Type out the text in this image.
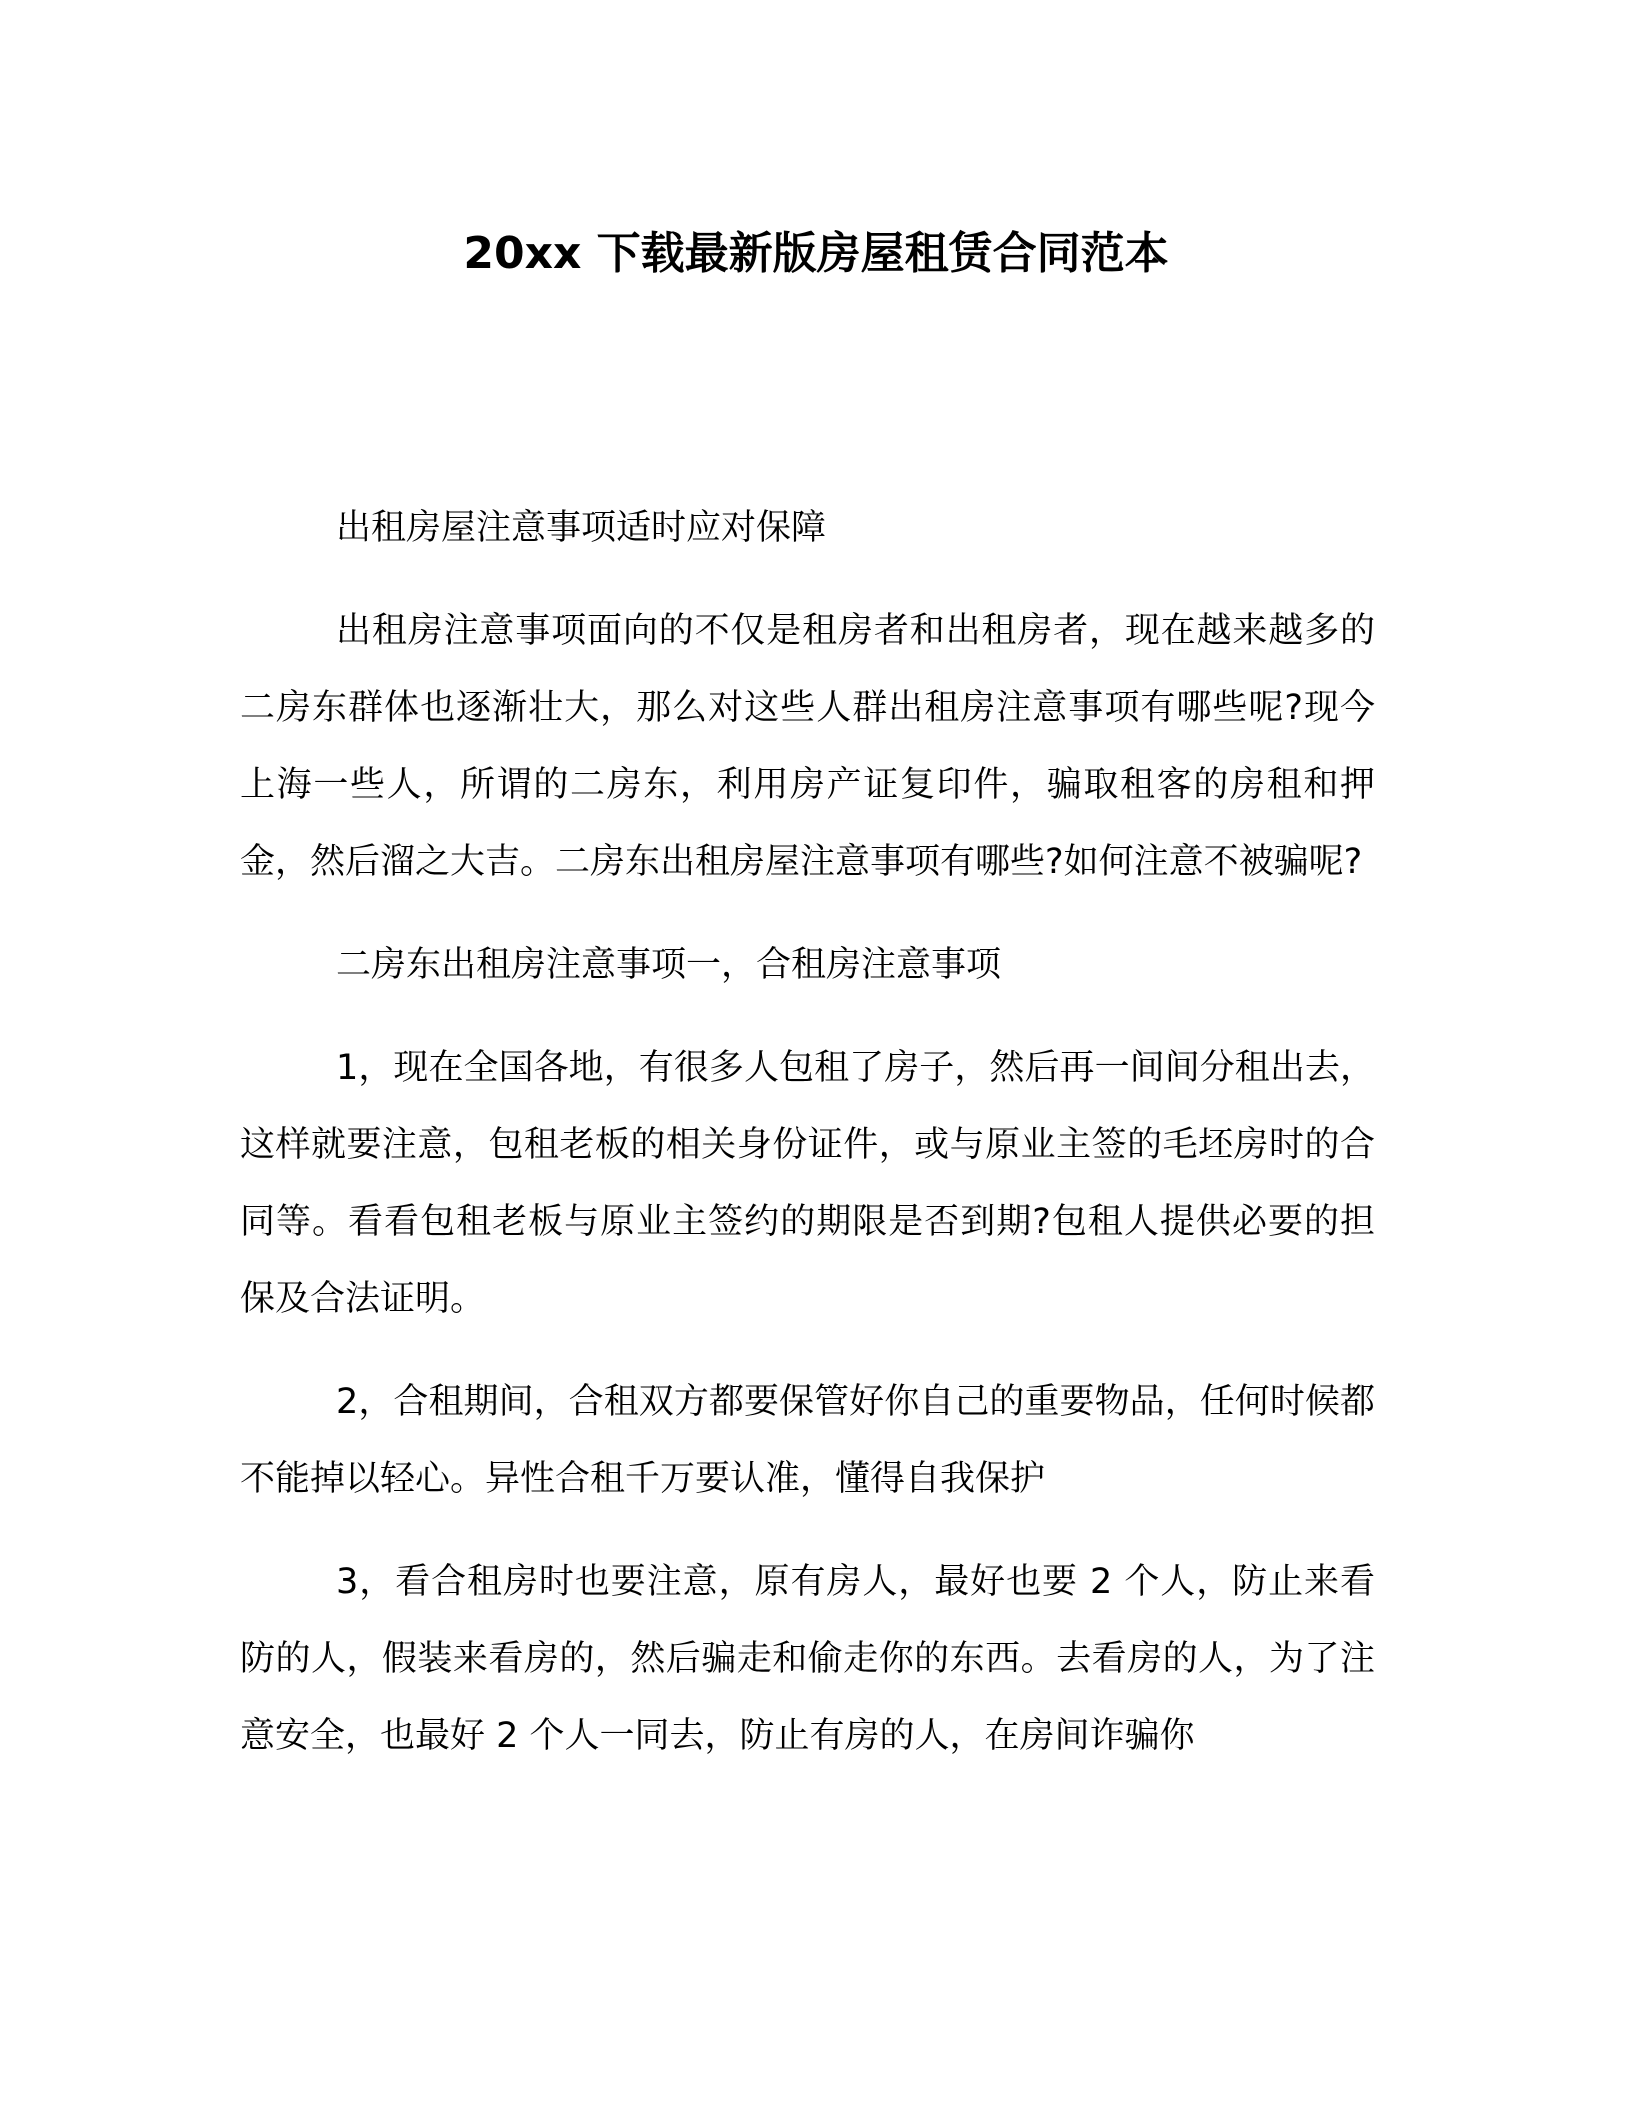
20xx 下载最新版房屋租赁合同范本

出租房屋注意事项适时应对保障

出租房注意事项面向的不仅是租房者和出租房者，现在越来越多的二房东群体也逐渐壮大，那么对这些人群出租房注意事项有哪些呢?现今上海一些人，所谓的二房东，利用房产证复印件，骗取租客的房租和押金，然后溜之大吉。二房东出租房屋注意事项有哪些?如何注意不被骗呢?

二房东出租房注意事项一，合租房注意事项

1，现在全国各地，有很多人包租了房子，然后再一间间分租出去，这样就要注意，包租老板的相关身份证件，或与原业主签的毛坯房时的合同等。看看包租老板与原业主签约的期限是否到期?包租人提供必要的担保及合法证明。

2，合租期间，合租双方都要保管好你自己的重要物品，任何时候都不能掉以轻心。异性合租千万要认准，懂得自我保护

3，看合租房时也要注意，原有房人，最好也要 2 个人，防止来看防的人，假装来看房的，然后骗走和偷走你的东西。去看房的人，为了注意安全，也最好 2 个人一同去，防止有房的人，在房间诈骗你
